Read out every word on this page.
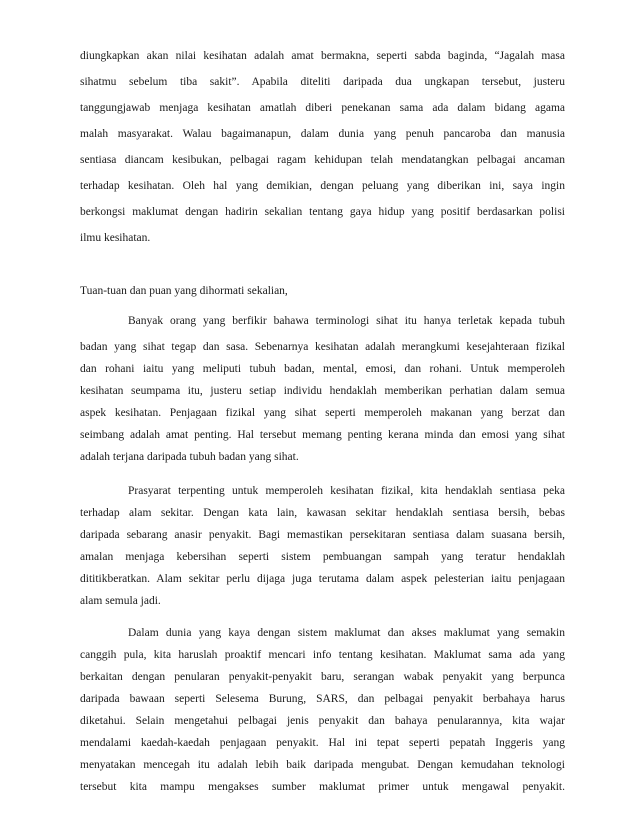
diungkapkan akan nilai kesihatan adalah amat bermakna, seperti sabda baginda, “Jagalah masa
sihatmu sebelum tiba sakit”. Apabila diteliti daripada dua ungkapan tersebut, justeru
tanggungjawab menjaga kesihatan amatlah diberi penekanan sama ada dalam bidang agama
malah masyarakat. Walau bagaimanapun, dalam dunia yang penuh pancaroba dan manusia
sentiasa diancam kesibukan, pelbagai ragam kehidupan telah mendatangkan pelbagai ancaman
terhadap kesihatan. Oleh hal yang demikian, dengan peluang yang diberikan ini, saya ingin
berkongsi maklumat dengan hadirin sekalian tentang gaya hidup yang positif berdasarkan polisi
ilmu kesihatan.
Tuan-tuan dan puan yang dihormati sekalian,
Banyak orang yang berfikir bahawa terminologi sihat itu hanya terletak kepada tubuh
badan yang sihat tegap dan sasa. Sebenarnya kesihatan adalah merangkumi kesejahteraan fizikal
dan rohani iaitu yang meliputi tubuh badan, mental, emosi, dan rohani. Untuk memperoleh
kesihatan seumpama itu, justeru setiap individu hendaklah memberikan perhatian dalam semua
aspek kesihatan. Penjagaan fizikal yang sihat seperti memperoleh makanan yang berzat dan
seimbang adalah amat penting. Hal tersebut memang penting kerana minda dan emosi yang sihat
adalah terjana daripada tubuh badan yang sihat.
Prasyarat terpenting untuk memperoleh kesihatan fizikal, kita hendaklah sentiasa peka
terhadap alam sekitar. Dengan kata lain, kawasan sekitar hendaklah sentiasa bersih, bebas
daripada sebarang anasir penyakit. Bagi memastikan persekitaran sentiasa dalam suasana bersih,
amalan menjaga kebersihan seperti sistem pembuangan sampah yang teratur hendaklah
dititikberatkan. Alam sekitar perlu dijaga juga terutama dalam aspek pelesterian iaitu penjagaan
alam semula jadi.
Dalam dunia yang kaya dengan sistem maklumat dan akses maklumat yang semakin
canggih pula, kita haruslah proaktif mencari info tentang kesihatan. Maklumat sama ada yang
berkaitan dengan penularan penyakit-penyakit baru, serangan wabak penyakit yang berpunca
daripada bawaan seperti Selesema Burung, SARS, dan pelbagai penyakit berbahaya harus
diketahui. Selain mengetahui pelbagai jenis penyakit dan bahaya penularannya, kita wajar
mendalami kaedah-kaedah penjagaan penyakit. Hal ini tepat seperti pepatah Inggeris yang
menyatakan mencegah itu adalah lebih baik daripada mengubat. Dengan kemudahan teknologi
tersebut kita mampu mengakses sumber maklumat primer untuk mengawal penyakit.
